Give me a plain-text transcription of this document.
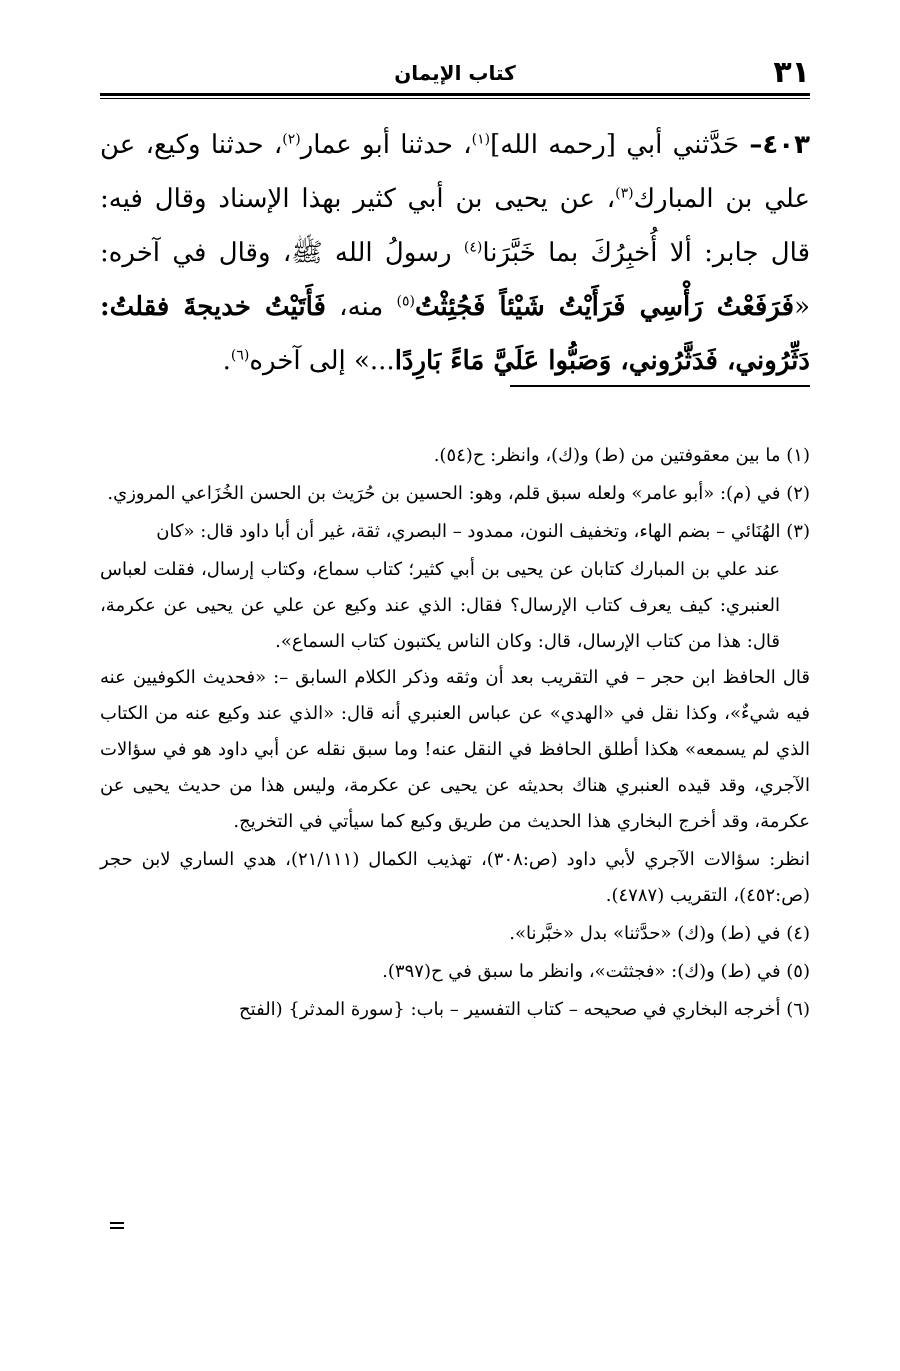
٣١
كتاب الإيمان
٤٠٣– حَدَّثني أبي [رحمه الله]$^{(١)}$، حدثنا أبو عمار$^{(٢)}$، حدثنا وكيع، عن علي بن المبارك$^{(٣)}$، عن يحيى بن أبي كثير بهذا الإسناد وقال فيه: قال جابر: ألا أُخبِرُكَ بما خَبَّرَنا$^{(٤)}$ رسولُ الله ﷺ، وقال في آخره: «فَرَفَعْتُ رَأْسِي فَرَأَيْتُ شَيْئاً فَجُئِثْتُ$^{(٥)}$ منه، فَأَتَيْتُ خديجةَ فقلتُ: دَثِّرُوني، فَدَثَّرُوني، وَصَبُّوا عَلَيَّ مَاءً بَارِدًا...» إلى آخره$^{(٦)}$.

(١) ما بين معقوفتين من (ط) و(ك)، وانظر: ح(٥٤).

(٢) في (م): «أبو عامر» ولعله سبق قلم، وهو: الحسين بن حُرَيث بن الحسن الخُزَاعي المروزي.

(٣) الهُنَائي – بضم الهاء، وتخفيف النون، ممدود – البصري، ثقة، غير أن أبا داود قال: «كان

عند علي بن المبارك كتابان عن يحيى بن أبي كثير؛ كتاب سماع، وكتاب إرسال، فقلت لعباس العنبري: كيف يعرف كتاب الإرسال؟ فقال: الذي عند وكيع عن علي عن يحيى عن عكرمة، قال: هذا من كتاب الإرسال، قال: وكان الناس يكتبون كتاب السماع».

قال الحافظ ابن حجر – في التقريب بعد أن وثقه وذكر الكلام السابق –: «فحديث الكوفيين عنه فيه شيءٌ»، وكذا نقل في «الهدي» عن عباس العنبري أنه قال: «الذي عند وكيع عنه من الكتاب الذي لم يسمعه» هكذا أطلق الحافظ في النقل عنه! وما سبق نقله عن أبي داود هو في سؤالات الآجري، وقد قيده العنبري هناك بحديثه عن يحيى عن عكرمة، وليس هذا من حديث يحيى عن عكرمة، وقد أخرج البخاري هذا الحديث من طريق وكيع كما سيأتي في التخريج.

انظر: سؤالات الآجري لأبي داود (ص:٣٠٨)، تهذيب الكمال (٢١/١١١)، هدي الساري لابن حجر (ص:٤٥٢)، التقريب (٤٧٨٧).

(٤) في (ط) و(ك) «حدَّثنا» بدل «خبَّرنا».

(٥) في (ط) و(ك): «فجثثت»، وانظر ما سبق في ح(٣٩٧).

(٦) أخرجه البخاري في صحيحه – كتاب التفسير – باب: {سورة المدثر} (الفتح
